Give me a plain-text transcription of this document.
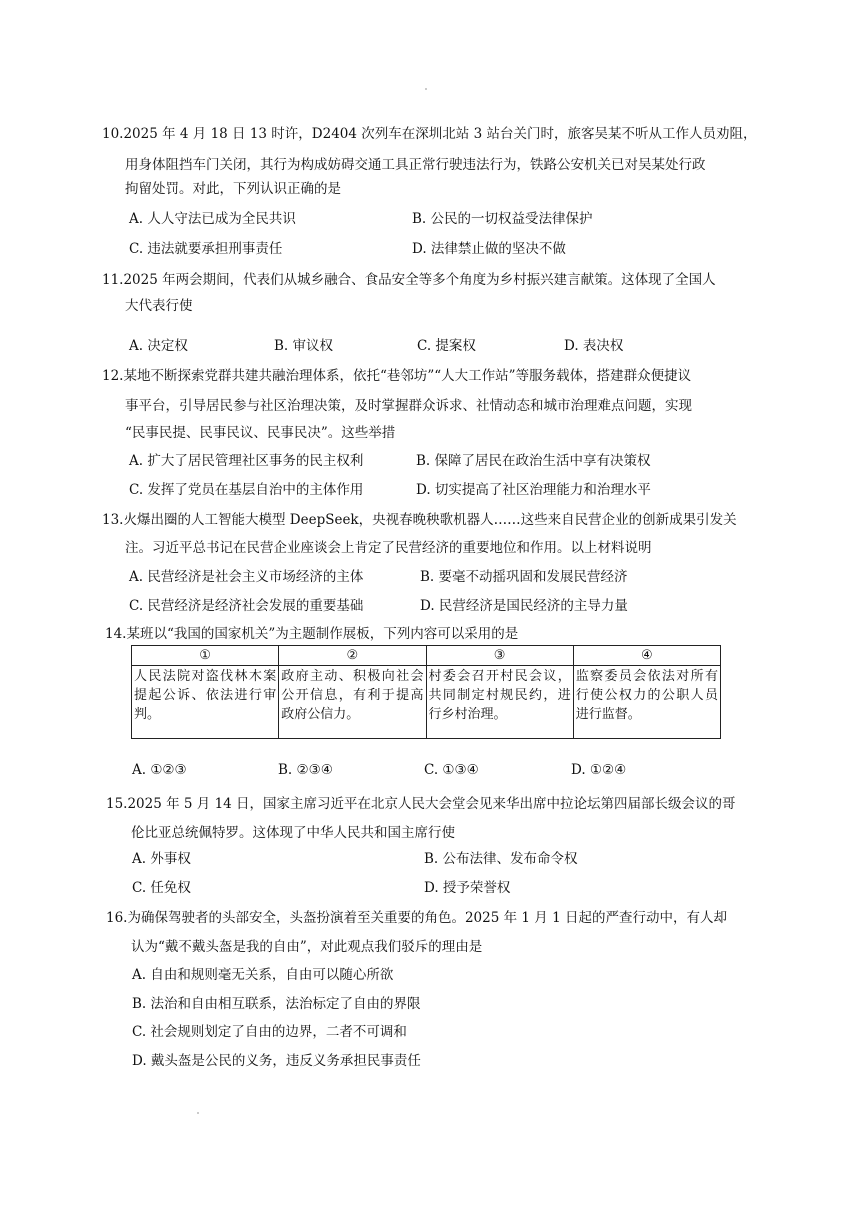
10.2025 年 4 月 18 日 13 时许，D2404 次列车在深圳北站 3 站台关门时，旅客吴某不听从工作人员劝阻，
用身体阻挡车门关闭，其行为构成妨碍交通工具正常行驶违法行为，铁路公安机关已对吴某处行政
拘留处罚。对此，下列认识正确的是
A. 人人守法已成为全民共识	B. 公民的一切权益受法律保护
C. 违法就要承担刑事责任	D. 法律禁止做的坚决不做
11.2025 年两会期间，代表们从城乡融合、食品安全等多个角度为乡村振兴建言献策。这体现了全国人
大代表行使
A. 决定权	B. 审议权	C. 提案权	D. 表决权
12.某地不断探索党群共建共融治理体系，依托“巷邻坊”“人大工作站”等服务载体，搭建群众便捷议
事平台，引导居民参与社区治理决策，及时掌握群众诉求、社情动态和城市治理难点问题，实现
“民事民提、民事民议、民事民决”。这些举措
A. 扩大了居民管理社区事务的民主权利	B. 保障了居民在政治生活中享有决策权
C. 发挥了党员在基层自治中的主体作用	D. 切实提高了社区治理能力和治理水平
13.火爆出圈的人工智能大模型 DeepSeek，央视春晚秧歌机器人……这些来自民营企业的创新成果引发关
注。习近平总书记在民营企业座谈会上肯定了民营经济的重要地位和作用。以上材料说明
A. 民营经济是社会主义市场经济的主体	B. 要毫不动摇巩固和发展民营经济
C. 民营经济是经济社会发展的重要基础	D. 民营经济是国民经济的主导力量
14.某班以“我国的国家机关”为主题制作展板，下列内容可以采用的是
①	②	③	④
人民法院对盗伐林木案提起公诉、依法进行审判。	政府主动、积极向社会公开信息，有利于提高政府公信力。	村委会召开村民会议，共同制定村规民约，进行乡村治理。	监察委员会依法对所有行使公权力的公职人员进行监督。
A. ①②③	B. ②③④	C. ①③④	D. ①②④
15.2025 年 5 月 14 日，国家主席习近平在北京人民大会堂会见来华出席中拉论坛第四届部长级会议的哥
伦比亚总统佩特罗。这体现了中华人民共和国主席行使
A. 外事权	B. 公布法律、发布命令权
C. 任免权	D. 授予荣誉权
16.为确保驾驶者的头部安全，头盔扮演着至关重要的角色。2025 年 1 月 1 日起的严查行动中，有人却
认为“戴不戴头盔是我的自由”，对此观点我们驳斥的理由是
A. 自由和规则毫无关系，自由可以随心所欲
B. 法治和自由相互联系，法治标定了自由的界限
C. 社会规则划定了自由的边界，二者不可调和
D. 戴头盔是公民的义务，违反义务承担民事责任
